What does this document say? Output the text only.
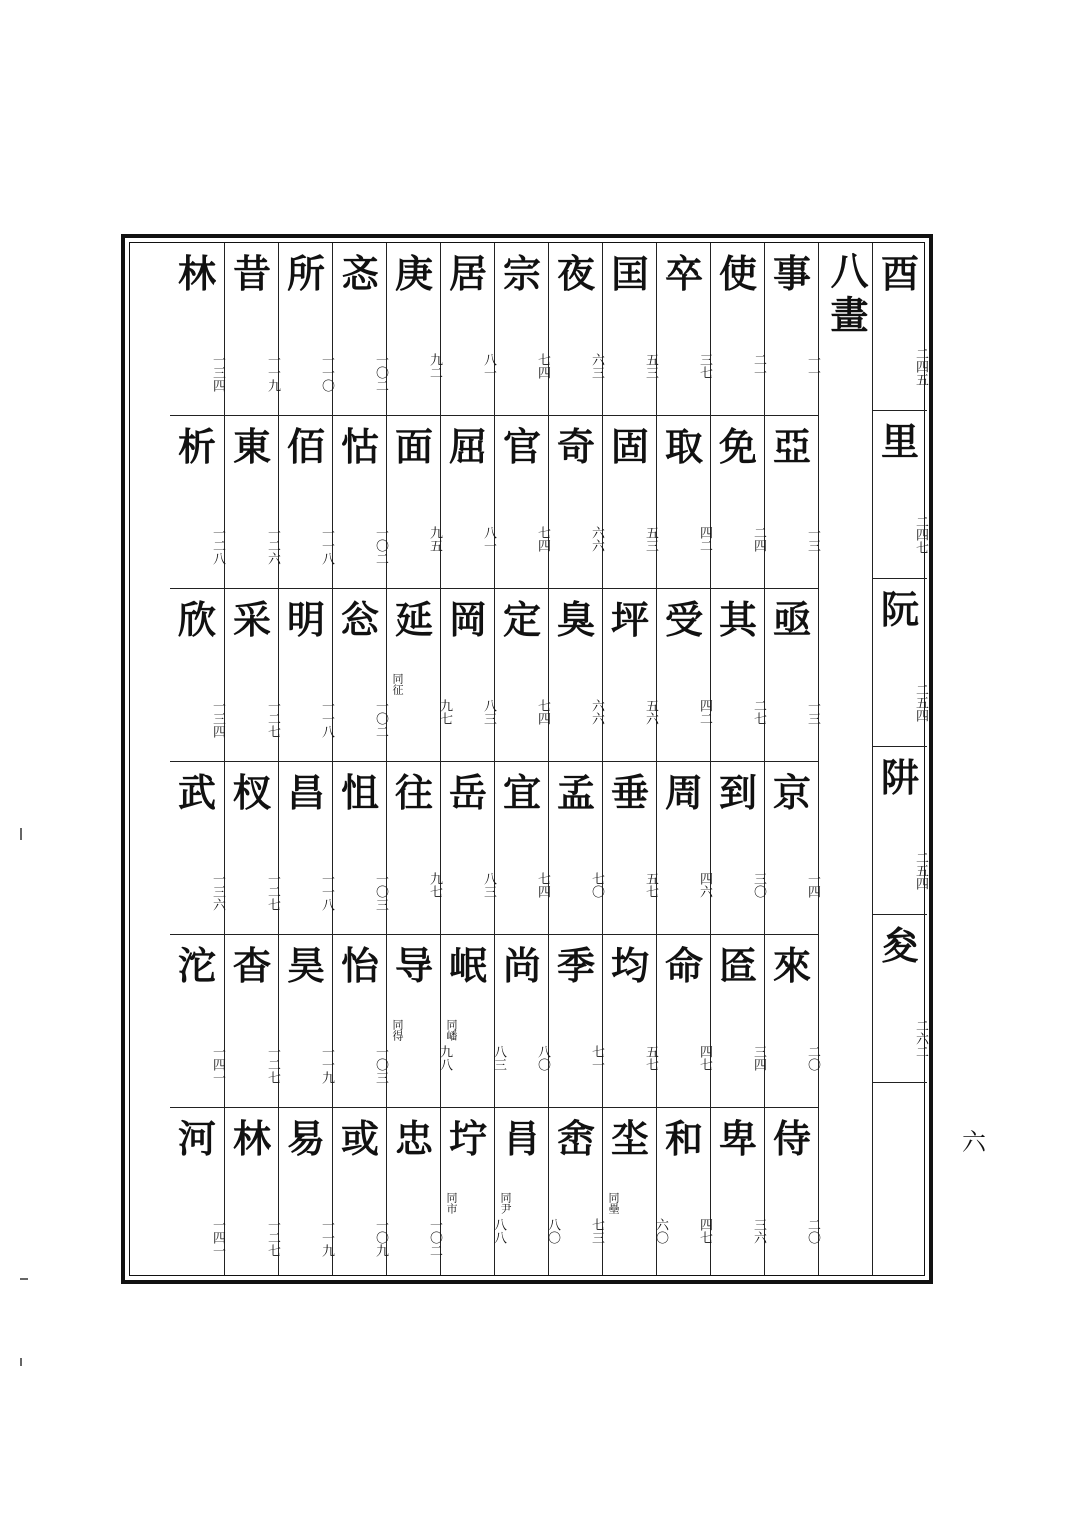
酉
二四五
里
二四七
阮
二五四
阱
二五四
夋
二六二
八畫
事
一一
亞
一三
亟
一三
京
一四
來
二〇
侍
二〇
使
二一
免
二四
其
二七
到
三〇
匼
三四
卑
三六
卒
三七
取
四二
受
四二
周
四六
命
四七
和
四七
囯
五三
固
五三
坪
五六
垂
五七
均
五七
坔
同壘
六〇
夜
六三
奇
六六
臭
六六
孟
七〇
季
七一
峹
七三
宗
七四
官
七四
定
七四
宜
七四
尚
八〇
肙
同尹
八〇
居
八一
屈
八一
岡
八三
岳
八三
岷
同嶓
八三
坾
同市
八八
庚
九二
面
九五
延
同征
九七
往
九七
导
同得
九八
忠
一〇二
忞
一〇二
怙
一〇二
忩
一〇二
怚
一〇三
怡
一〇三
或
一〇九
所
一一〇
佰
一一八
明
一一八
昌
一一八
昊
一一九
易
一一九
昔
一一九
東
一二六
采
一二七
杈
一二七
杳
一二七
林
一二七
林
一三四
析
一二八
欣
一三四
武
一三六
沱
一四一
河
一四一
六
